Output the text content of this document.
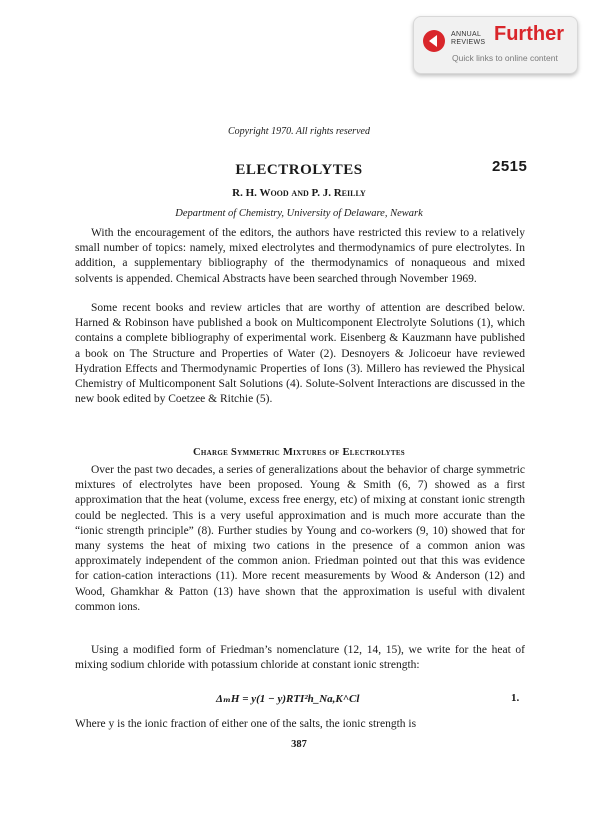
ANNUAL
REVIEWS Further
Quick links to online content
Copyright 1970. All rights reserved
ELECTROLYTES	2515
R. H. Wood and P. J. Reilly
Department of Chemistry, University of Delaware, Newark

With the encouragement of the editors, the authors have restricted this review to a relatively small number of topics: namely, mixed electrolytes and thermodynamics of pure electrolytes. In addition, a supplementary bibliography of the thermodynamics of nonaqueous and mixed solvents is appended. Chemical Abstracts have been searched through November 1969.

Some recent books and review articles that are worthy of attention are described below. Harned & Robinson have published a book on Multicomponent Electrolyte Solutions (1), which contains a complete bibliography of experimental work. Eisenberg & Kauzmann have published a book on The Structure and Properties of Water (2). Desnoyers & Jolicoeur have reviewed Hydration Effects and Thermodynamic Properties of Ions (3). Millero has reviewed the Physical Chemistry of Multicomponent Salt Solutions (4). Solute-Solvent Interactions are discussed in the new book edited by Coetzee & Ritchie (5).

Charge Symmetric Mixtures of Electrolytes

Over the past two decades, a series of generalizations about the behavior of charge symmetric mixtures of electrolytes have been proposed. Young & Smith (6, 7) showed as a first approximation that the heat (volume, excess free energy, etc) of mixing at constant ionic strength could be neglected. This is a very useful approximation and is much more accurate than the “ionic strength principle” (8). Further studies by Young and co-workers (9, 10) showed that for many systems the heat of mixing two cations in the presence of a common anion was approximately independent of the common anion. Friedman pointed out that this was evidence for cation-cation interactions (11). More recent measurements by Wood & Anderson (12) and Wood, Ghamkhar & Patton (13) have shown that the approximation is useful with divalent common ions.

Using a modified form of Friedman’s nomenclature (12, 14, 15), we write for the heat of mixing sodium chloride with potassium chloride at constant ionic strength:

ΔₘH = y(1 − y)RTI²h_Na,K^Cl	1.

Where y is the ionic fraction of either one of the salts, the ionic strength is

387
